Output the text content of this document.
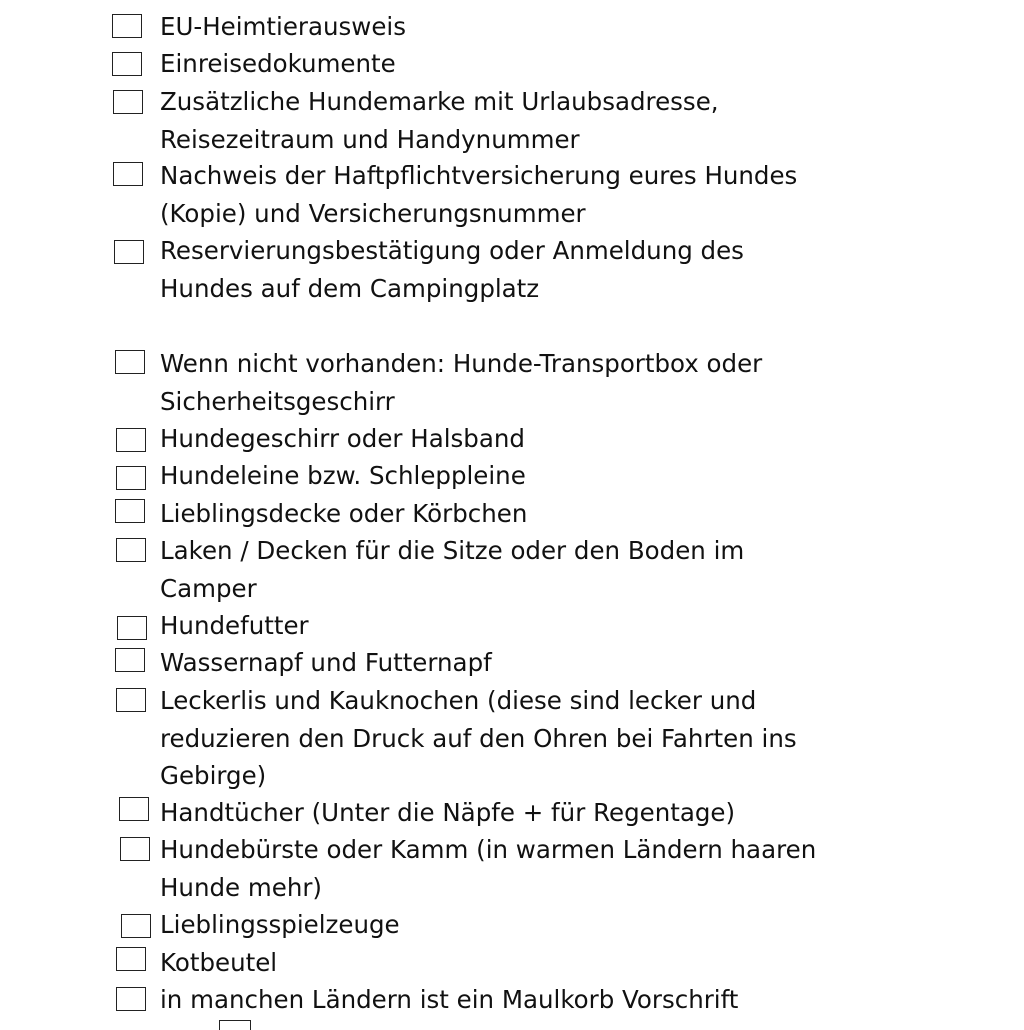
EU-Heimtierausweis
Einreisedokumente
Zusätzliche Hundemarke mit Urlaubsadresse,
Reisezeitraum und Handynummer
Nachweis der Haftpflichtversicherung eures Hundes
(Kopie) und Versicherungsnummer
Reservierungsbestätigung oder Anmeldung des
Hundes auf dem Campingplatz
Wenn nicht vorhanden: Hunde-Transportbox oder
Sicherheitsgeschirr
Hundegeschirr oder Halsband
Hundeleine bzw. Schleppleine
Lieblingsdecke oder Körbchen
Laken / Decken für die Sitze oder den Boden im
Camper
Hundefutter
Wassernapf und Futternapf
Leckerlis und Kauknochen (diese sind lecker und
reduzieren den Druck auf den Ohren bei Fahrten ins
Gebirge)
Handtücher (Unter die Näpfe + für Regentage)
Hundebürste oder Kamm (in warmen Ländern haaren
Hunde mehr)
Lieblingsspielzeuge
Kotbeutel
in manchen Ländern ist ein Maulkorb Vorschrift
